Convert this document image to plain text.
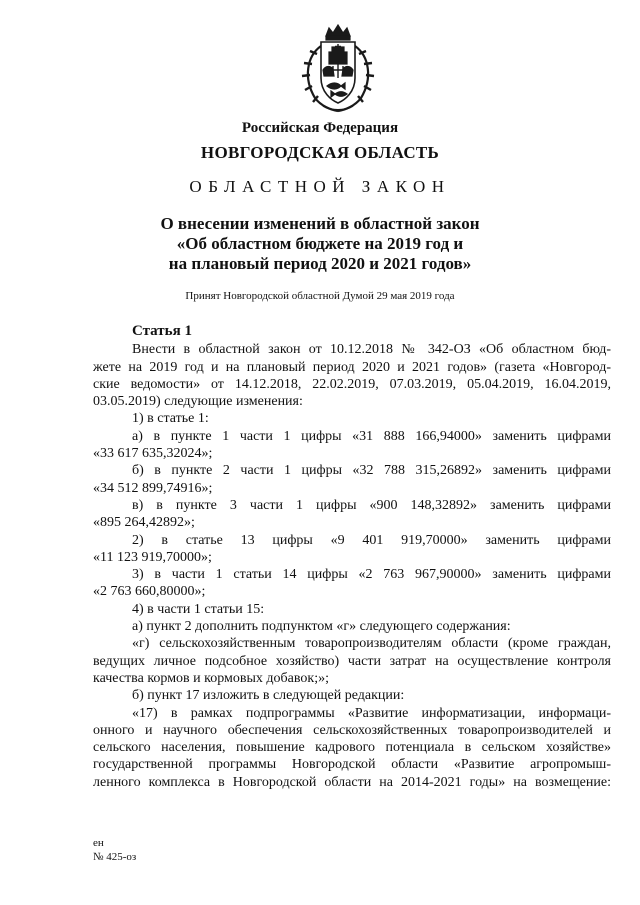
Российская Федерация
НОВГОРОДСКАЯ ОБЛАСТЬ
ОБЛАСТНОЙ ЗАКОН
О внесении изменений в областной закон
«Об областном бюджете на 2019 год и
на плановый период 2020 и 2021 годов»
Принят Новгородской областной Думой 29 мая 2019 года
Статья 1
Внести в областной закон от 10.12.2018 № 342-ОЗ «Об областном бюд-
жете на 2019 год и на плановый период 2020 и 2021 годов» (газета «Новгород-
ские ведомости» от 14.12.2018, 22.02.2019, 07.03.2019, 05.04.2019, 16.04.2019,
03.05.2019) следующие изменения:
1) в статье 1:
а) в пункте 1 части 1 цифры «31 888 166,94000» заменить цифрами
«33 617 635,32024»;
б) в пункте 2 части 1 цифры «32 788 315,26892» заменить цифрами
«34 512 899,74916»;
в) в пункте 3 части 1 цифры «900 148,32892» заменить цифрами
«895 264,42892»;
2) в статье 13 цифры «9 401 919,70000» заменить цифрами
«11 123 919,70000»;
3) в части 1 статьи 14 цифры «2 763 967,90000» заменить цифрами
«2 763 660,80000»;
4) в части 1 статьи 15:
а) пункт 2 дополнить подпунктом «г» следующего содержания:
«г) сельскохозяйственным товаропроизводителям области (кроме граждан,
ведущих личное подсобное хозяйство) части затрат на осуществление контроля
качества кормов и кормовых добавок;»;
б) пункт 17 изложить в следующей редакции:
«17) в рамках подпрограммы «Развитие информатизации, информаци-
онного и научного обеспечения сельскохозяйственных товаропроизводителей и
сельского населения, повышение кадрового потенциала в сельском хозяйстве»
государственной программы Новгородской области «Развитие агропромыш-
ленного комплекса в Новгородской области на 2014-2021 годы» на возмещение:
ен
№ 425-оз
